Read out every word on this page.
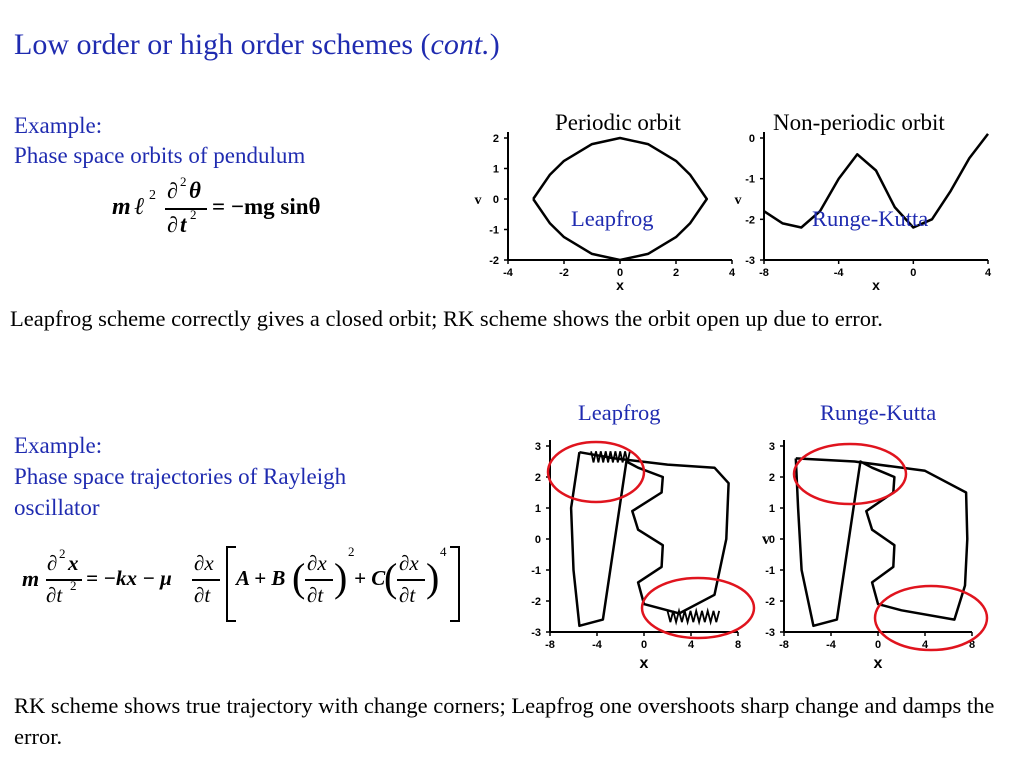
Low order or high order schemes (cont.)
Example:
Phase space orbits of pendulum
m ℓ 2 ∂ 2 θ
∂ t 2 = −mg sinθ
Periodic orbit	Non-periodic orbit
-4	-2	0	2	4
2
1
0
-1
-2
x
v
Leapfrog
-8	-4	0	4
0
-1
-2
-3
x
v
Runge-Kutta
Leapfrog scheme correctly gives a closed orbit; RK scheme shows the orbit open up due to error.
Leapfrog	Runge-Kutta
Example:
Phase space trajectories of Rayleigh
oscillator
m
∂ 2 x
∂t 2 = −kx − μ
∂x
∂t
A + B ( ∂x
∂t )
2
+ C
( ∂x
∂t )
4
-8	-4	0	4	8
3
2
1
0
-1
-2
-3
x
-8	-4	0	4	8
3
2
1
0
-1
-2
-3
x
v
RK scheme shows true trajectory with change corners; Leapfrog one overshoots sharp change and damps the error.
